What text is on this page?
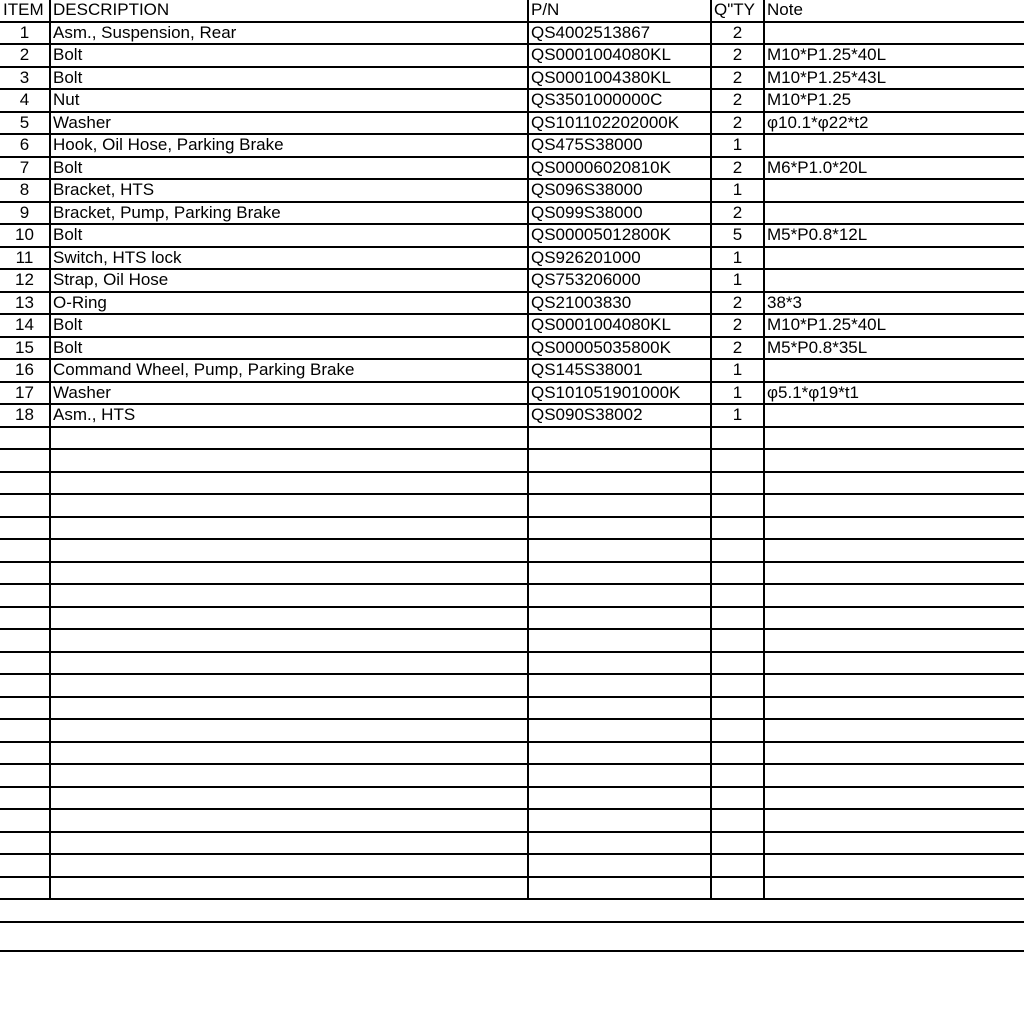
ITEM	DESCRIPTION	P/N	Q"TY	Note
1	Asm., Suspension, Rear	QS4002513867	2	
2	Bolt	QS0001004080KL	2	M10*P1.25*40L
3	Bolt	QS0001004380KL	2	M10*P1.25*43L
4	Nut	QS3501000000C	2	M10*P1.25
5	Washer	QS101102202000K	2	φ10.1*φ22*t2
6	Hook, Oil Hose, Parking Brake	QS475S38000	1	
7	Bolt	QS00006020810K	2	M6*P1.0*20L
8	Bracket, HTS	QS096S38000	1	
9	Bracket, Pump, Parking Brake	QS099S38000	2	
10	Bolt	QS00005012800K	5	M5*P0.8*12L
11	Switch, HTS lock	QS926201000	1	
12	Strap, Oil Hose	QS753206000	1	
13	O-Ring	QS21003830	2	38*3
14	Bolt	QS0001004080KL	2	M10*P1.25*40L
15	Bolt	QS00005035800K	2	M5*P0.8*35L
16	Command Wheel, Pump, Parking Brake	QS145S38001	1	
17	Washer	QS101051901000K	1	φ5.1*φ19*t1
18	Asm., HTS	QS090S38002	1	
